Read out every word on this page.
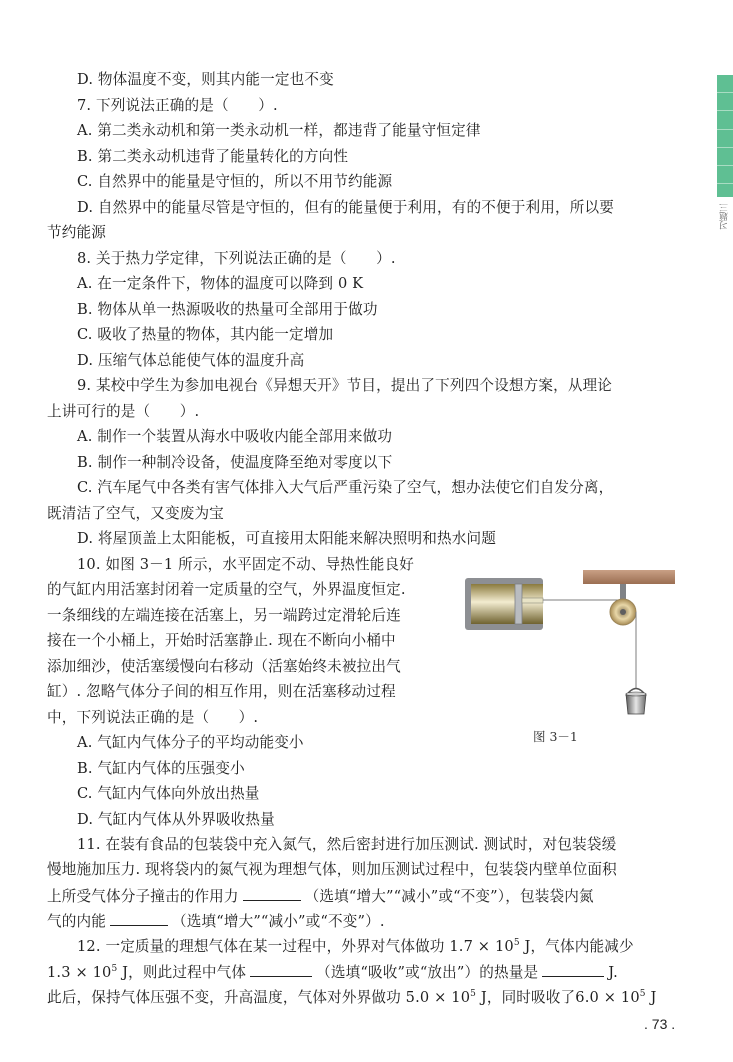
习题三
D. 物体温度不变，则其内能一定也不变
7. 下列说法正确的是（　　）.
A. 第二类永动机和第一类永动机一样，都违背了能量守恒定律
B. 第二类永动机违背了能量转化的方向性
C. 自然界中的能量是守恒的，所以不用节约能源
D. 自然界中的能量尽管是守恒的，但有的能量便于利用，有的不便于利用，所以要
节约能源
8. 关于热力学定律，下列说法正确的是（　　）.
A. 在一定条件下，物体的温度可以降到 0 K
B. 物体从单一热源吸收的热量可全部用于做功
C. 吸收了热量的物体，其内能一定增加
D. 压缩气体总能使气体的温度升高
9. 某校中学生为参加电视台《异想天开》节目，提出了下列四个设想方案，从理论
上讲可行的是（　　）.
A. 制作一个装置从海水中吸收内能全部用来做功
B. 制作一种制冷设备，使温度降至绝对零度以下
C. 汽车尾气中各类有害气体排入大气后严重污染了空气，想办法使它们自发分离，
既清洁了空气，又变废为宝
D. 将屋顶盖上太阳能板，可直接用太阳能来解决照明和热水问题
10. 如图 3－1 所示，水平固定不动、导热性能良好
的气缸内用活塞封闭着一定质量的空气，外界温度恒定.
一条细线的左端连接在活塞上，另一端跨过定滑轮后连
接在一个小桶上，开始时活塞静止. 现在不断向小桶中
添加细沙，使活塞缓慢向右移动（活塞始终未被拉出气
缸）. 忽略气体分子间的相互作用，则在活塞移动过程
中，下列说法正确的是（　　）.
图 3－1
A. 气缸内气体分子的平均动能变小
B. 气缸内气体的压强变小
C. 气缸内气体向外放出热量
D. 气缸内气体从外界吸收热量
11. 在装有食品的包装袋中充入氮气，然后密封进行加压测试. 测试时，对包装袋缓
慢地施加压力. 现将袋内的氮气视为理想气体，则加压测试过程中，包装袋内壁单位面积
上所受气体分子撞击的作用力	（选填“增大”“减小”或“不变”），包装袋内氮
气的内能	（选填“增大”“减小”或“不变”）.
12. 一定质量的理想气体在某一过程中，外界对气体做功 $1.7 \times 10^5$ J，气体内能减少
$1.3 \times 10^5$ J，则此过程中气体	（选填“吸收”或“放出”）的热量是	J.
此后，保持气体压强不变，升高温度，气体对外界做功 $5.0 \times 10^5$ J，同时吸收了$6.0 \times 10^5$ J
. 73 .
